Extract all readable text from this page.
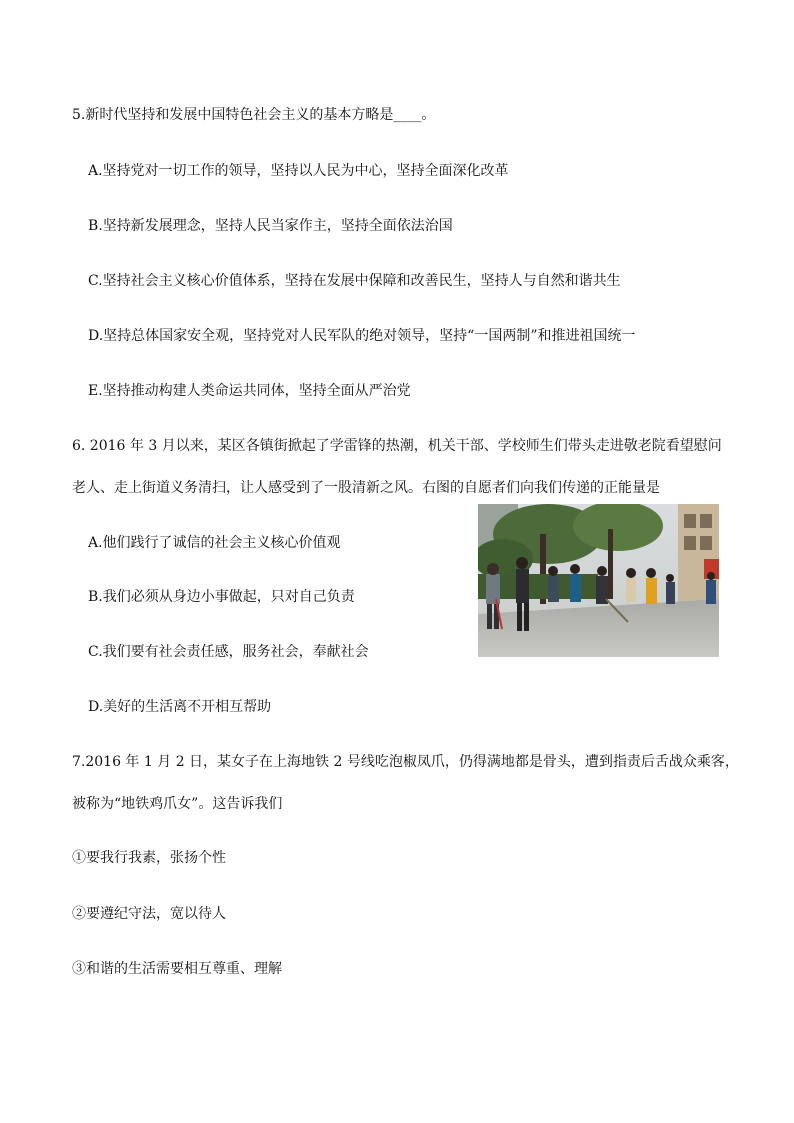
5.新时代坚持和发展中国特色社会主义的基本方略是____。
A.坚持党对一切工作的领导，坚持以人民为中心，坚持全面深化改革
B.坚持新发展理念，坚持人民当家作主，坚持全面依法治国
C.坚持社会主义核心价值体系，坚持在发展中保障和改善民生，坚持人与自然和谐共生
D.坚持总体国家安全观，坚持党对人民军队的绝对领导，坚持“一国两制”和推进祖国统一
E.坚持推动构建人类命运共同体，坚持全面从严治党
6. 2016 年 3 月以来，某区各镇街掀起了学雷锋的热潮，机关干部、学校师生们带头走进敬老院看望慰问
老人、走上街道义务清扫，让人感受到了一股清新之风。右图的自愿者们向我们传递的正能量是
A.他们践行了诚信的社会主义核心价值观
B.我们必须从身边小事做起，只对自己负责
C.我们要有社会责任感，服务社会，奉献社会
D.美好的生活离不开相互帮助
7.2016 年 1 月 2 日，某女子在上海地铁 2 号线吃泡椒凤爪，仍得满地都是骨头，遭到指责后舌战众乘客，
被称为“地铁鸡爪女”。这告诉我们
①要我行我素，张扬个性
②要遵纪守法，宽以待人
③和谐的生活需要相互尊重、理解
